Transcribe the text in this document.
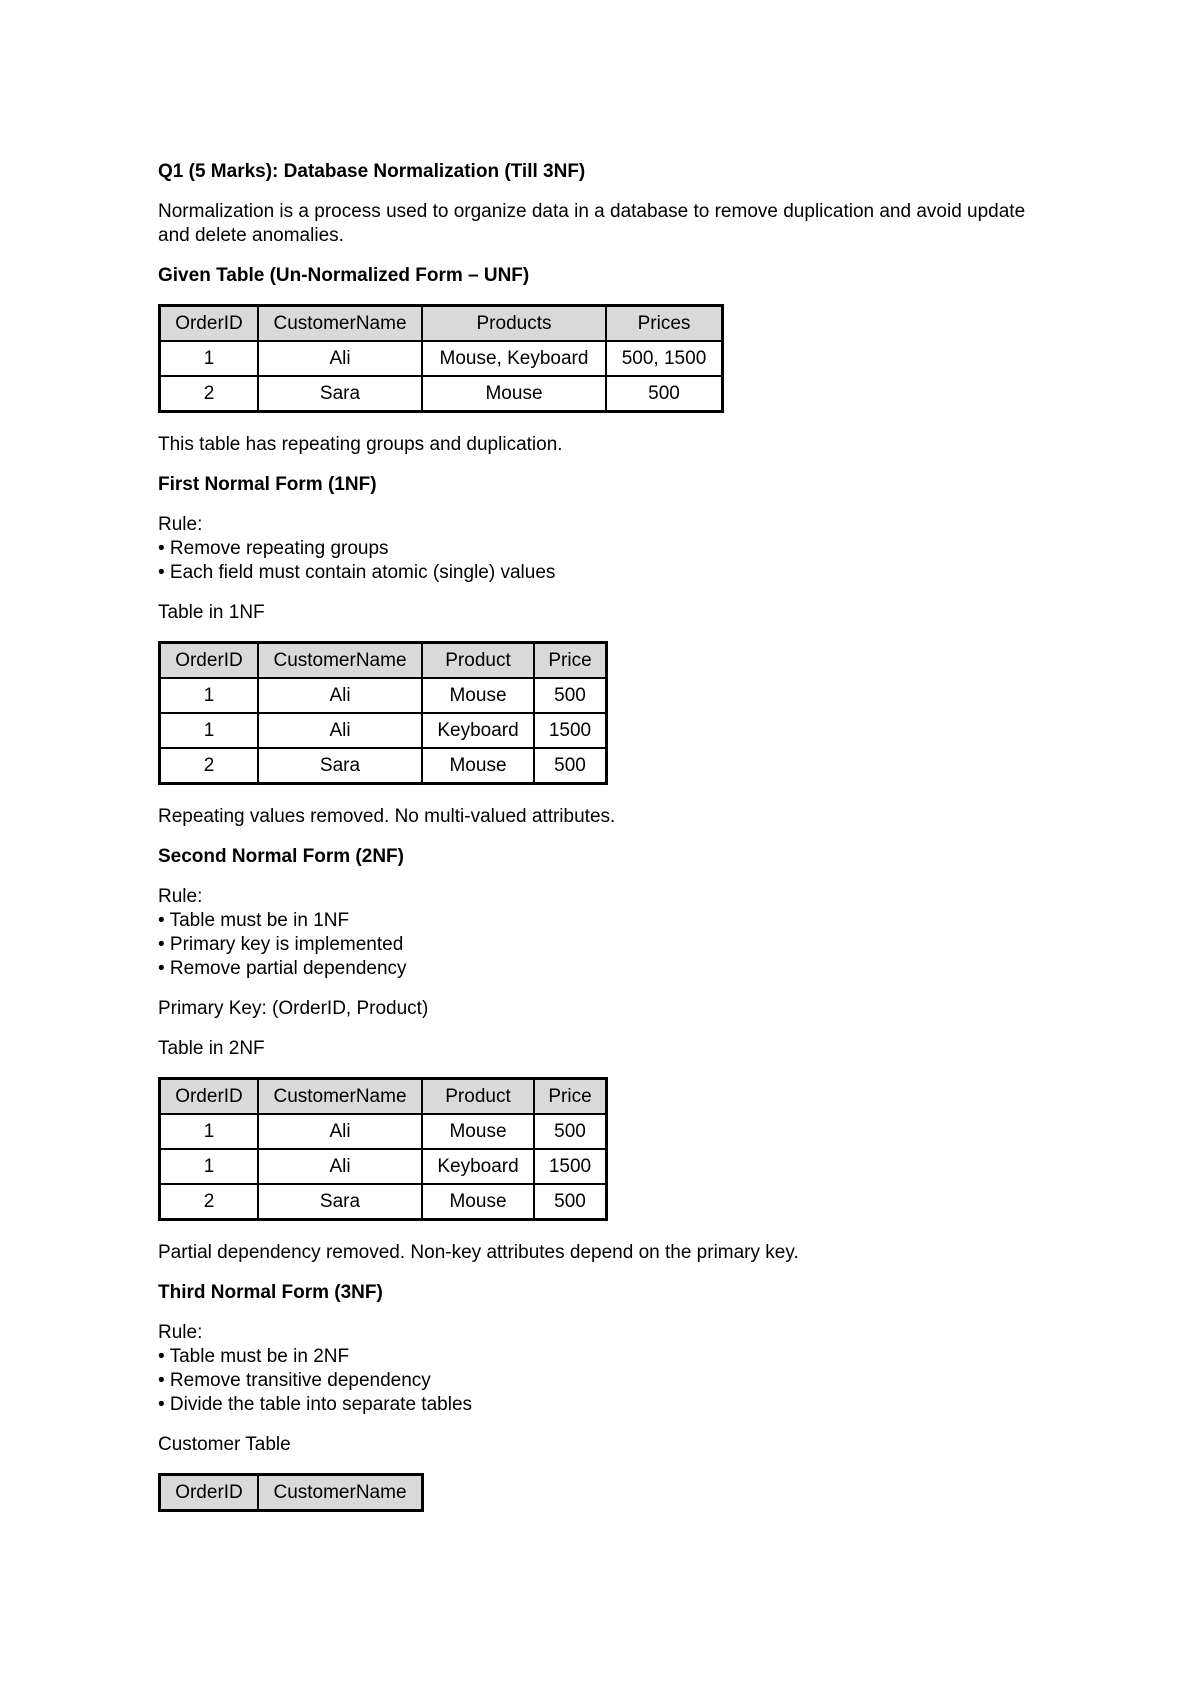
Q1 (5 Marks): Database Normalization (Till 3NF)

Normalization is a process used to organize data in a database to remove duplication and avoid update and delete anomalies.

Given Table (Un-Normalized Form – UNF)

OrderID	CustomerName	Products	Prices
1	Ali	Mouse, Keyboard	500, 1500
2	Sara	Mouse	500

This table has repeating groups and duplication.

First Normal Form (1NF)

Rule:

• Remove repeating groups

• Each field must contain atomic (single) values

Table in 1NF

OrderID	CustomerName	Product	Price
1	Ali	Mouse	500
1	Ali	Keyboard	1500
2	Sara	Mouse	500

Repeating values removed. No multi-valued attributes.

Second Normal Form (2NF)

Rule:

• Table must be in 1NF

• Primary key is implemented

• Remove partial dependency

Primary Key: (OrderID, Product)

Table in 2NF

OrderID	CustomerName	Product	Price
1	Ali	Mouse	500
1	Ali	Keyboard	1500
2	Sara	Mouse	500

Partial dependency removed. Non-key attributes depend on the primary key.

Third Normal Form (3NF)

Rule:

• Table must be in 2NF

• Remove transitive dependency

• Divide the table into separate tables

Customer Table

OrderID	CustomerName
